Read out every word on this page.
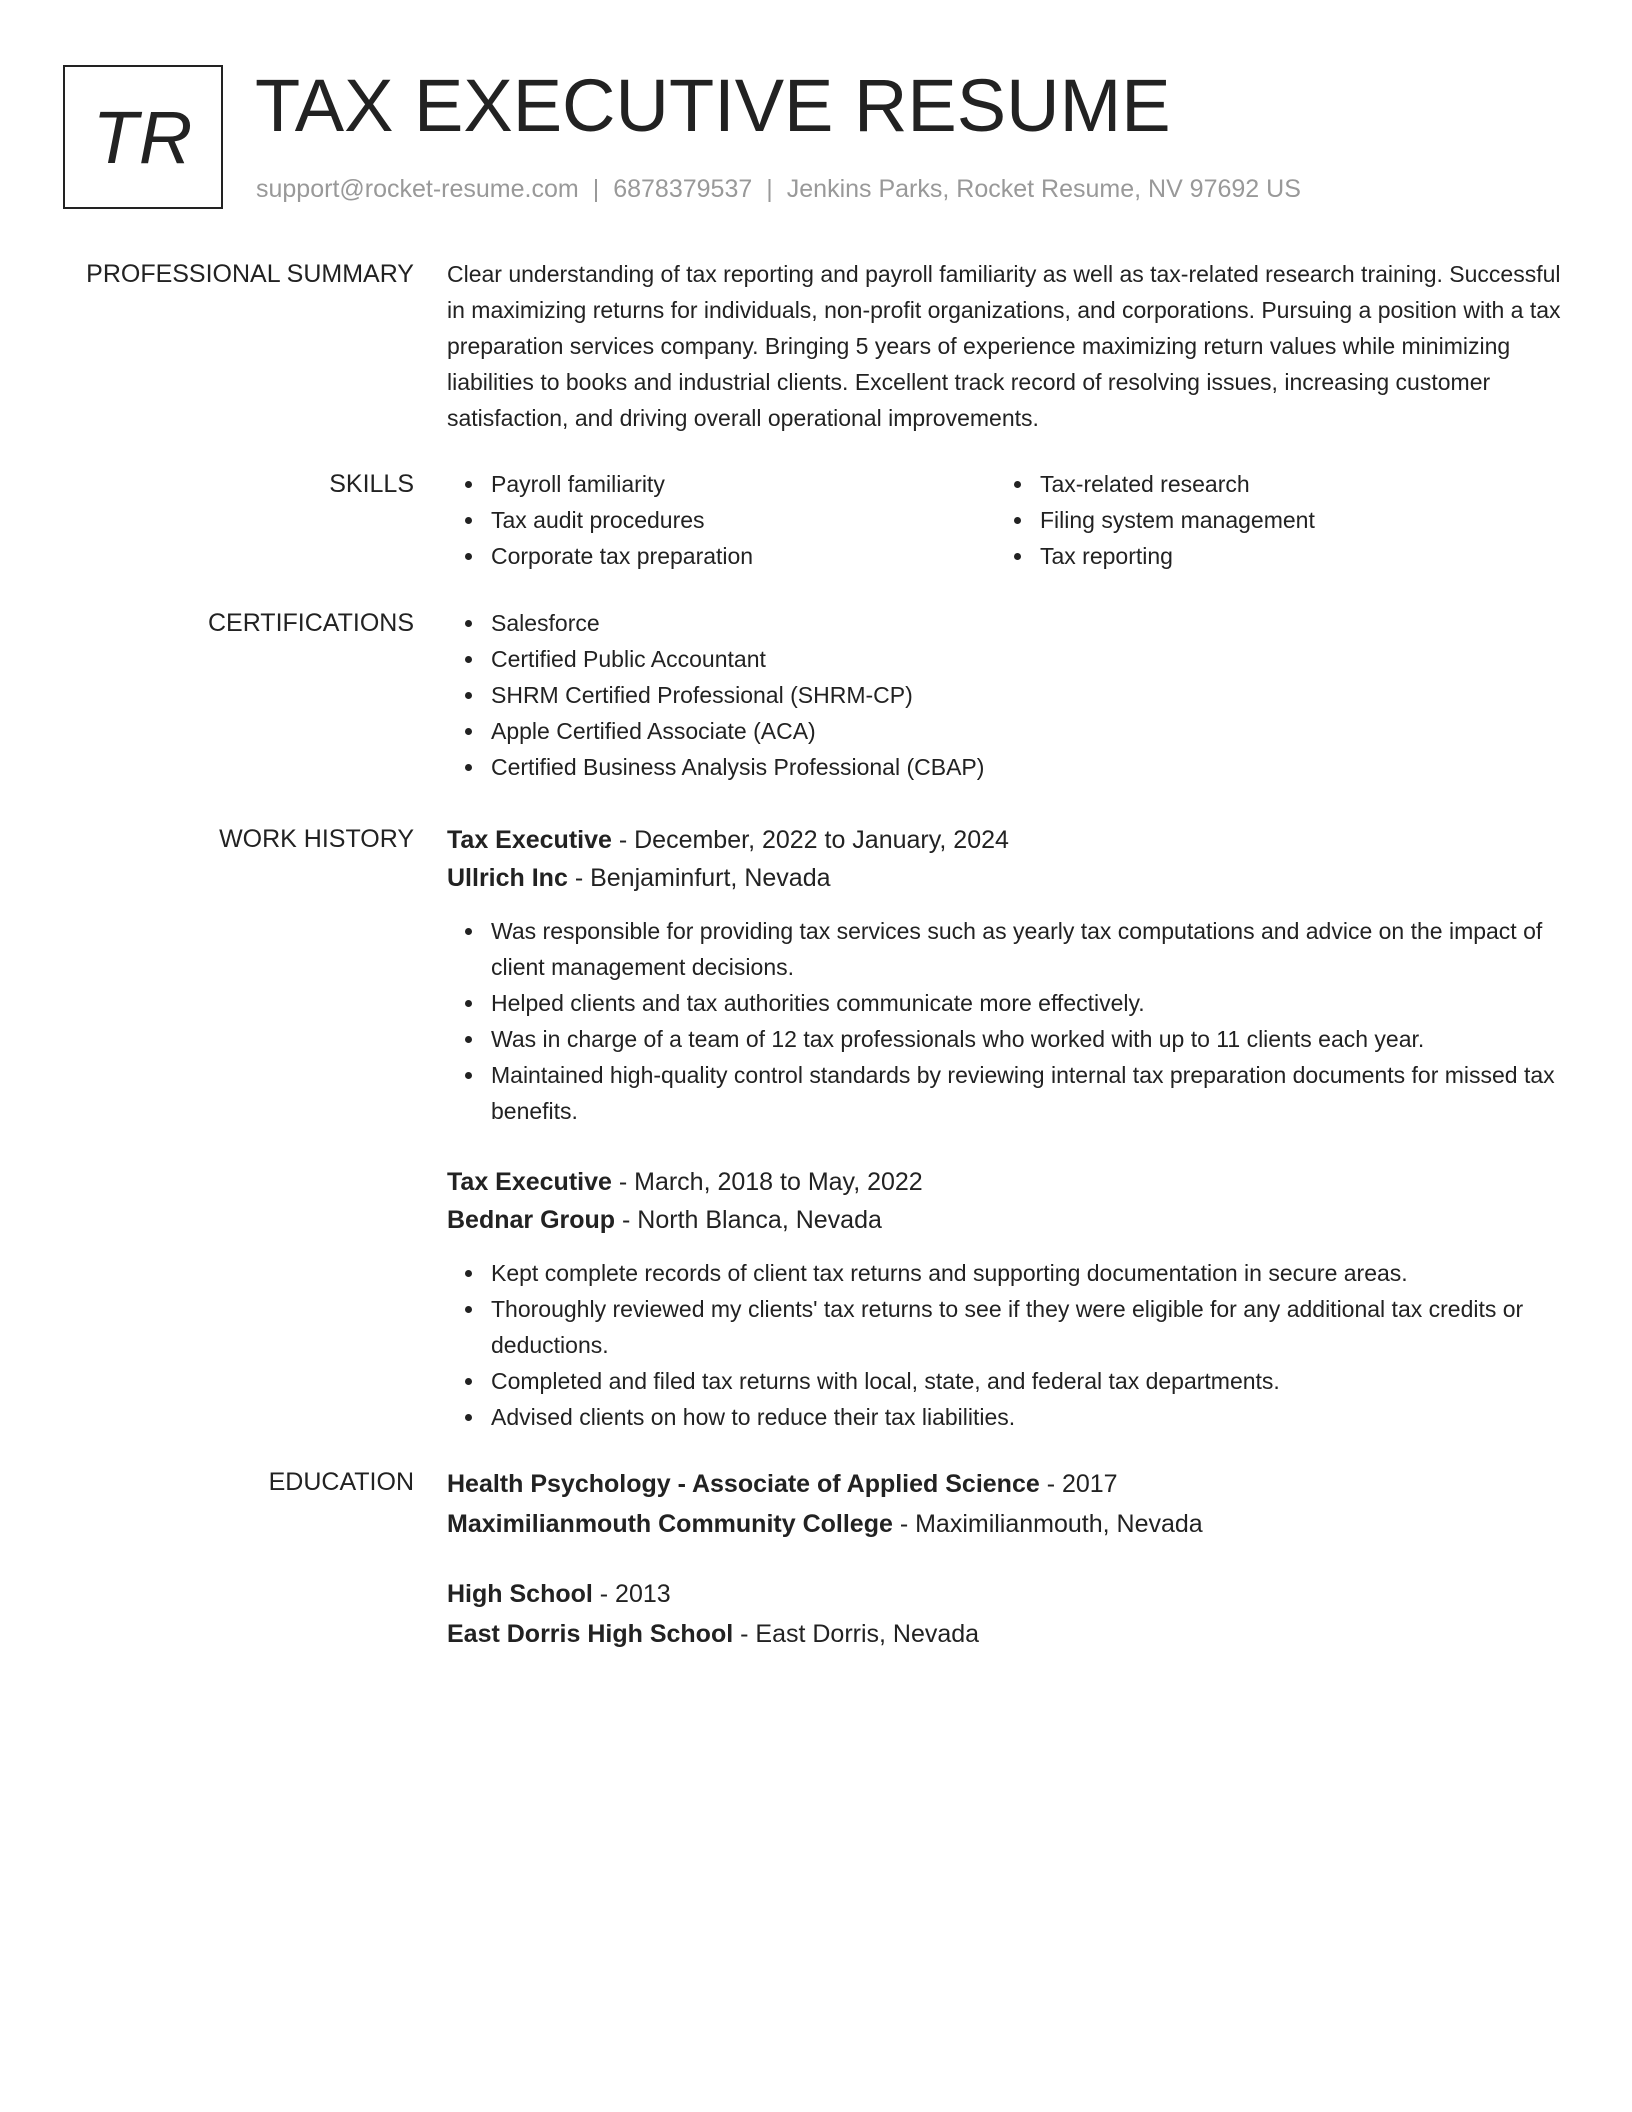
TR TAX EXECUTIVE RESUME
support@rocket-resume.com | 6878379537 | Jenkins Parks, Rocket Resume, NV 97692 US
PROFESSIONAL SUMMARY Clear understanding of tax reporting and payroll familiarity as well as tax-related research training. Successful in maximizing returns for individuals, non-profit organizations, and corporations. Pursuing a position with a tax preparation services company. Bringing 5 years of experience maximizing return values while minimizing liabilities to books and industrial clients. Excellent track record of resolving issues, increasing customer satisfaction, and driving overall operational improvements.
SKILLS	Payroll familiarity
Tax audit procedures
Corporate tax preparation
Tax-related research
Filing system management
Tax reporting
CERTIFICATIONS	Salesforce
Certified Public Accountant
SHRM Certified Professional (SHRM-CP)
Apple Certified Associate (ACA)
Certified Business Analysis Professional (CBAP)
WORK HISTORY Tax Executive - December, 2022 to January, 2024
Ullrich Inc - Benjaminfurt, Nevada
Was responsible for providing tax services such as yearly tax computations and advice on the impact of client management decisions.
Helped clients and tax authorities communicate more effectively.
Was in charge of a team of 12 tax professionals who worked with up to 11 clients each year.
Maintained high-quality control standards by reviewing internal tax preparation documents for missed tax benefits.
Tax Executive - March, 2018 to May, 2022
Bednar Group - North Blanca, Nevada
Kept complete records of client tax returns and supporting documentation in secure areas.
Thoroughly reviewed my clients' tax returns to see if they were eligible for any additional tax credits or deductions.
Completed and filed tax returns with local, state, and federal tax departments.
Advised clients on how to reduce their tax liabilities.
EDUCATION Health Psychology - Associate of Applied Science - 2017
Maximilianmouth Community College - Maximilianmouth, Nevada
High School - 2013
East Dorris High School - East Dorris, Nevada
